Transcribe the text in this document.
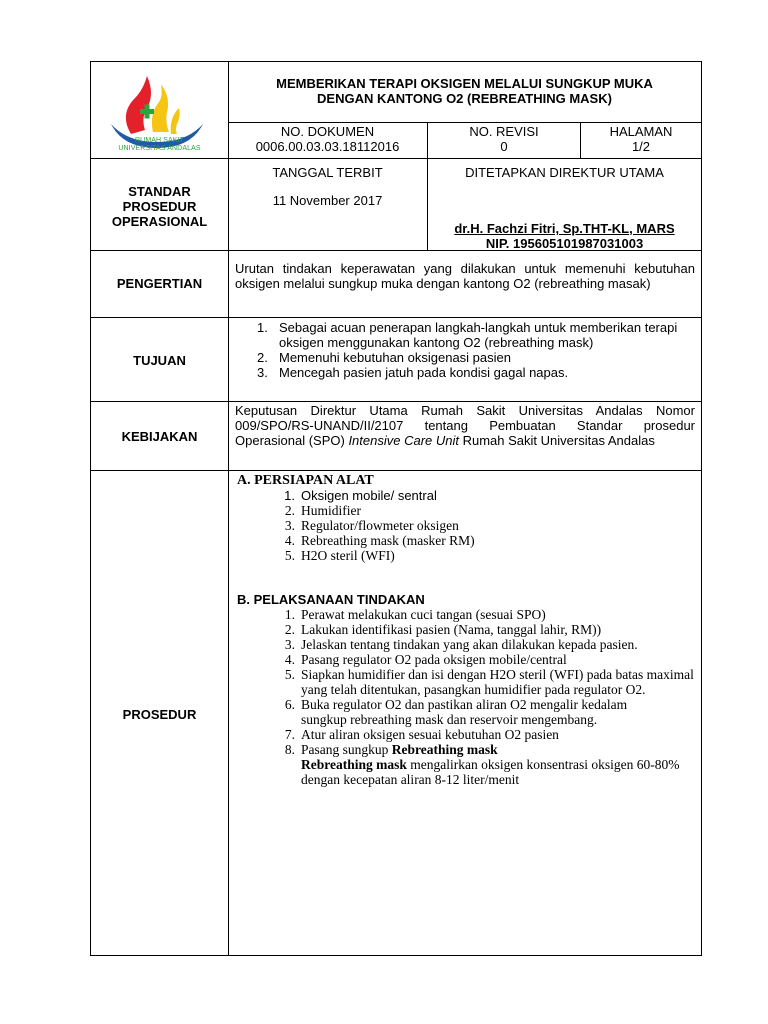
RUMAH SAKIT
UNIVERSITAS ANDALAS
MEMBERIKAN TERAPI OKSIGEN MELALUI SUNGKUP MUKA
DENGAN KANTONG O2 (REBREATHING MASK)
NO. DOKUMEN
0006.00.03.03.18112016
NO. REVISI
0
HALAMAN
1/2
STANDAR
PROSEDUR
OPERASIONAL
TANGGAL TERBIT
11 November 2017
DITETAPKAN DIREKTUR UTAMA
dr.H. Fachzi Fitri, Sp.THT-KL, MARS
NIP. 195605101987031003
PENGERTIAN
Urutan tindakan keperawatan yang dilakukan untuk memenuhi kebutuhan oksigen melalui sungkup muka dengan kantong O2 (rebreathing masak)
TUJUAN
1. Sebagai acuan penerapan langkah-langkah untuk memberikan terapi oksigen menggunakan kantong O2 (rebreathing mask)
2. Memenuhi kebutuhan oksigenasi pasien
3. Mencegah pasien jatuh pada kondisi gagal napas.
KEBIJAKAN
Keputusan Direktur Utama Rumah Sakit Universitas Andalas Nomor 009/SPO/RS-UNAND/II/2107 tentang Pembuatan Standar prosedur Operasional (SPO) Intensive Care Unit Rumah Sakit Universitas Andalas
PROSEDUR
A. PERSIAPAN ALAT
1. Oksigen mobile/ sentral
2. Humidifier
3. Regulator/flowmeter oksigen
4. Rebreathing mask (masker RM)
5. H2O steril (WFI)
B. PELAKSANAAN TINDAKAN
1. Perawat melakukan cuci tangan (sesuai SPO)
2. Lakukan identifikasi pasien (Nama, tanggal lahir, RM))
3. Jelaskan tentang tindakan yang akan dilakukan kepada pasien.
4. Pasang regulator O2 pada oksigen mobile/central
5. Siapkan humidifier dan isi dengan H2O steril (WFI) pada batas maximal yang telah ditentukan, pasangkan humidifier pada regulator O2.
6. Buka regulator O2 dan pastikan aliran O2 mengalir kedalam sungkup rebreathing mask dan reservoir mengembang.
7. Atur aliran oksigen sesuai kebutuhan O2 pasien
8. Pasang sungkup Rebreathing mask
Rebreathing mask mengalirkan oksigen konsentrasi oksigen 60-80% dengan kecepatan aliran 8-12 liter/menit
